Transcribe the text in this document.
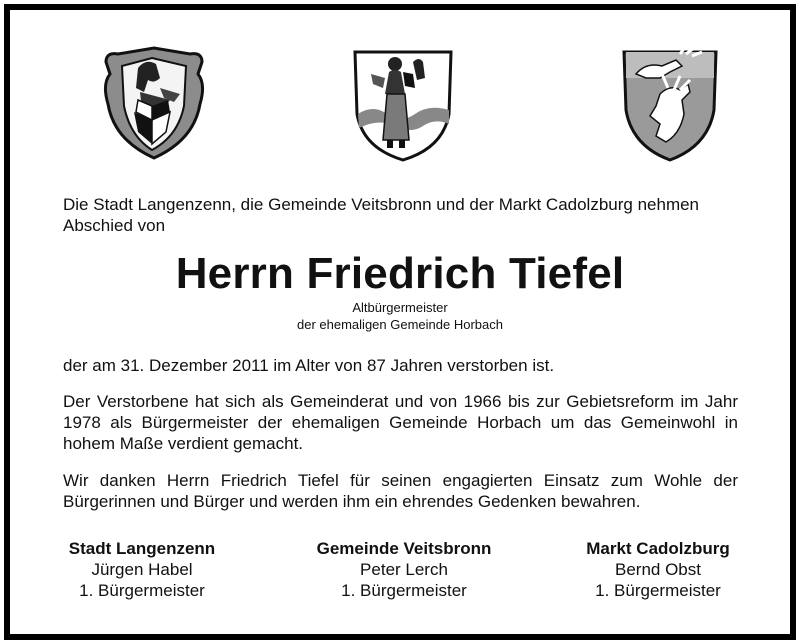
Die Stadt Langenzenn, die Gemeinde Veitsbronn und der Markt Cadolzburg nehmen Abschied von
Herrn Friedrich Tiefel
Altbürgermeister
der ehemaligen Gemeinde Horbach
der am 31. Dezember 2011 im Alter von 87 Jahren verstorben ist.
Der Verstorbene hat sich als Gemeinderat und von 1966 bis zur Gebietsreform im Jahr 1978 als Bürgermeister der ehemaligen Gemeinde Horbach um das Gemeinwohl in hohem Maße verdient gemacht.
Wir danken Herrn Friedrich Tiefel für seinen engagierten Einsatz zum Wohle der Bürgerinnen und Bürger und werden ihm ein ehrendes Gedenken bewahren.
Stadt Langenzenn
Jürgen Habel
1. Bürgermeister
Gemeinde Veitsbronn
Peter Lerch
1. Bürgermeister
Markt Cadolzburg
Bernd Obst
1. Bürgermeister
